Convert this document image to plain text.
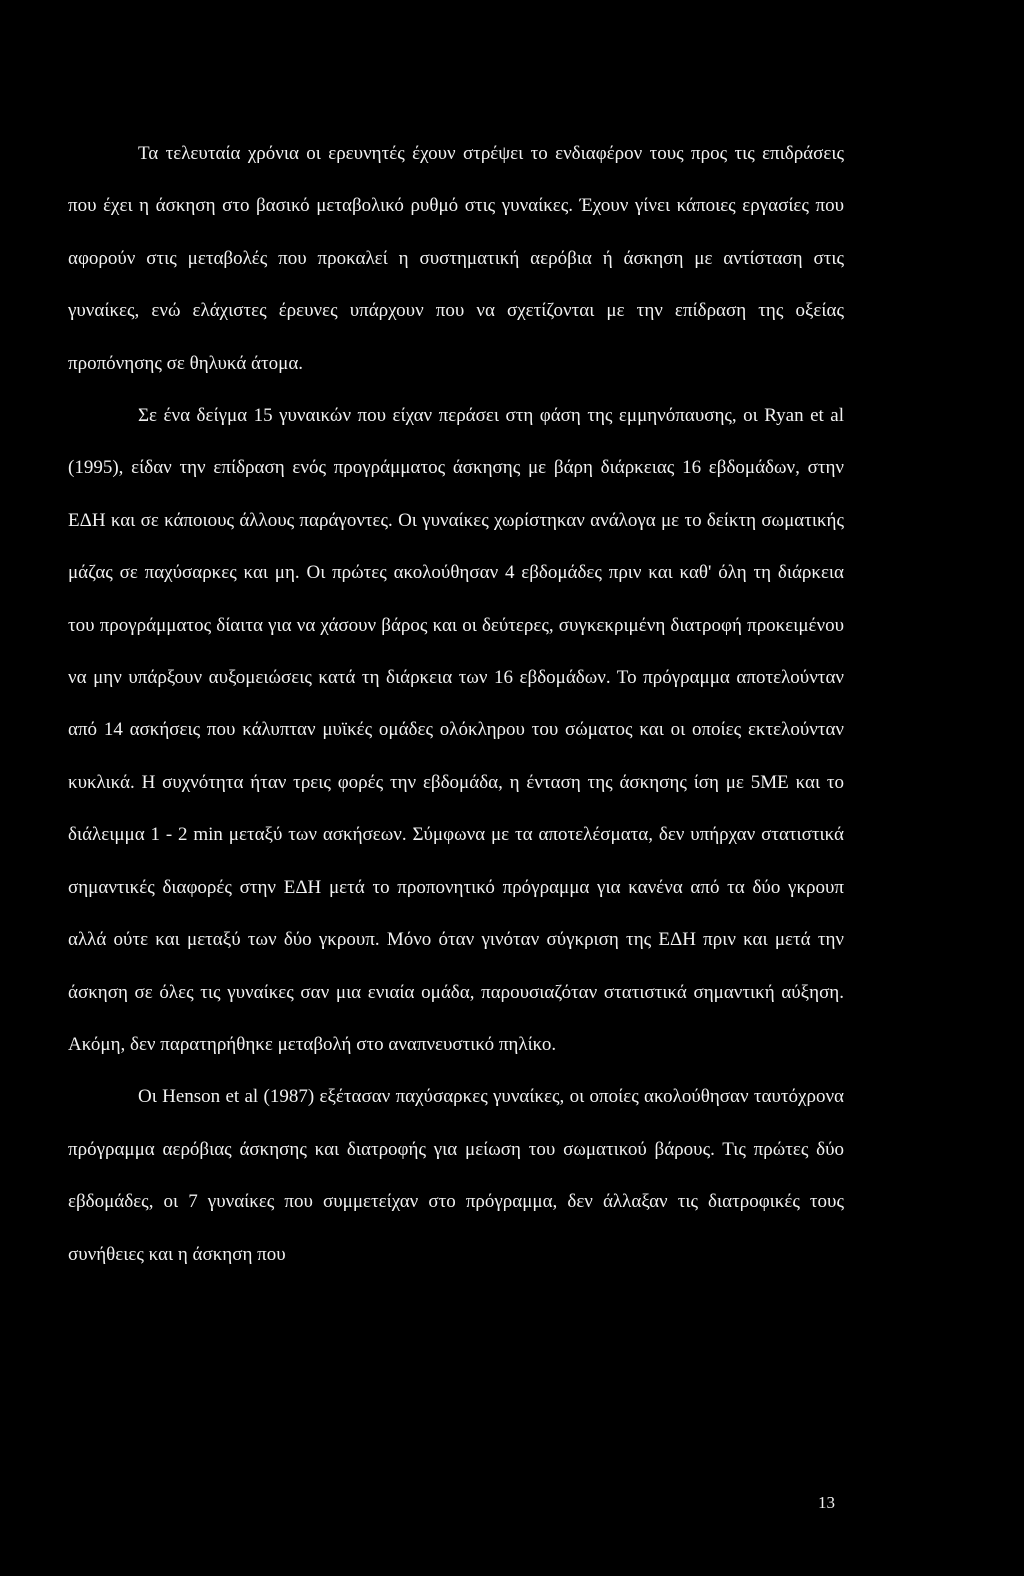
Τα τελευταία χρόνια οι ερευνητές έχουν στρέψει το ενδιαφέρον τους προς τις επιδράσεις που έχει η άσκηση στο βασικό μεταβολικό ρυθμό στις γυναίκες. Έχουν γίνει κάποιες εργασίες που αφορούν στις μεταβολές που προκαλεί η συστηματική αερόβια ή άσκηση με αντίσταση στις γυναίκες, ενώ ελάχιστες έρευνες υπάρχουν που να σχετίζονται με την επίδραση της οξείας προπόνησης σε θηλυκά άτομα.

Σε ένα δείγμα 15 γυναικών που είχαν περάσει στη φάση της εμμηνόπαυσης, οι Ryan et al (1995), είδαν την επίδραση ενός προγράμματος άσκησης με βάρη διάρκειας 16 εβδομάδων, στην ΕΔΗ και σε κάποιους άλλους παράγοντες. Οι γυναίκες χωρίστηκαν ανάλογα με το δείκτη σωματικής μάζας σε παχύσαρκες και μη. Οι πρώτες ακολούθησαν 4 εβδομάδες πριν και καθ' όλη τη διάρκεια του προγράμματος δίαιτα για να χάσουν βάρος και οι δεύτερες, συγκεκριμένη διατροφή προκειμένου να μην υπάρξουν αυξομειώσεις κατά τη διάρκεια των 16 εβδομάδων. Το πρόγραμμα αποτελούνταν από 14 ασκήσεις που κάλυπταν μυϊκές ομάδες ολόκληρου του σώματος και οι οποίες εκτελούνταν κυκλικά. Η συχνότητα ήταν τρεις φορές την εβδομάδα, η ένταση της άσκησης ίση με 5ΜΕ και το διάλειμμα 1 - 2 min μεταξύ των ασκήσεων. Σύμφωνα με τα αποτελέσματα, δεν υπήρχαν στατιστικά σημαντικές διαφορές στην ΕΔΗ μετά το προπονητικό πρόγραμμα για κανένα από τα δύο γκρουπ αλλά ούτε και μεταξύ των δύο γκρουπ. Μόνο όταν γινόταν σύγκριση της ΕΔΗ πριν και μετά την άσκηση σε όλες τις γυναίκες σαν μια ενιαία ομάδα, παρουσιαζόταν στατιστικά σημαντική αύξηση. Ακόμη, δεν παρατηρήθηκε μεταβολή στο αναπνευστικό πηλίκο.

Οι Henson et al (1987) εξέτασαν παχύσαρκες γυναίκες, οι οποίες ακολούθησαν ταυτόχρονα πρόγραμμα αερόβιας άσκησης και διατροφής για μείωση του σωματικού βάρους. Τις πρώτες δύο εβδομάδες, οι 7 γυναίκες που συμμετείχαν στο πρόγραμμα, δεν άλλαξαν τις διατροφικές τους συνήθειες και η άσκηση που

13
